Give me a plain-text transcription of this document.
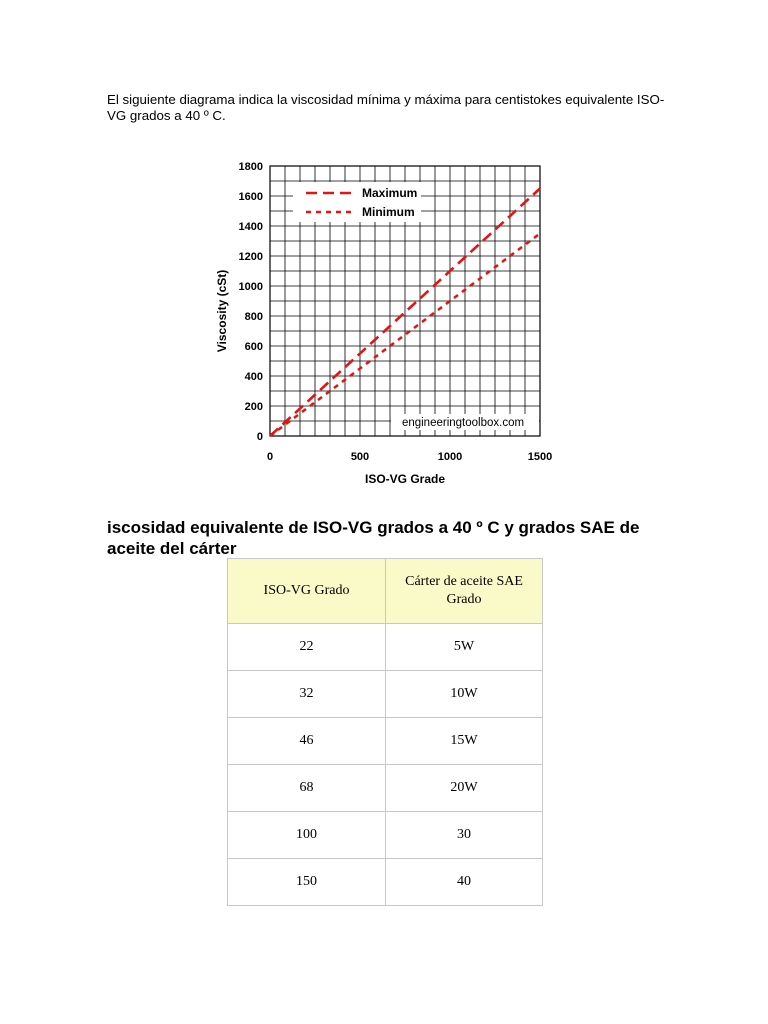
El siguiente diagrama indica la viscosidad mínima y máxima para centistokes equivalente ISO-VG grados a 40 º C.

0
200
400
600
800
1000
1200
1400
1600
1800
0	500	1000	1500
ISO-VG Grade
Viscosity (cSt)
Maximum
Minimum
engineeringtoolbox.com
iscosidad equivalente de ISO-VG grados a 40 º C y grados SAE de aceite del cárter
ISO-VG Grado	Cárter de aceite SAE Grado
22	5W
32	10W
46	15W
68	20W
100	30
150	40
